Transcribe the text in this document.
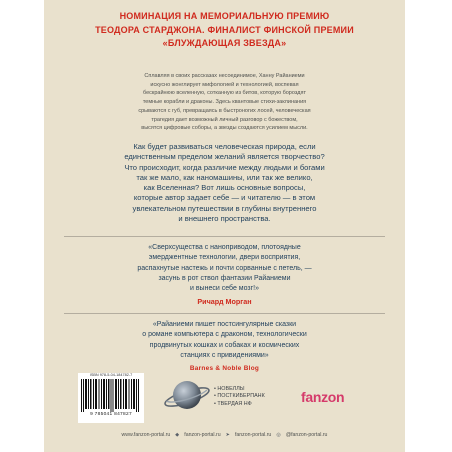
НОМИНАЦИЯ НА МЕМОРИАЛЬНУЮ ПРЕМИЮ
ТЕОДОРА СТАРДЖОНА. ФИНАЛИСТ ФИНСКОЙ ПРЕМИИ
«БЛУЖДАЮЩАЯ ЗВЕЗДА»
Сплавляя в своих рассказах несоединимое, Ханну Райаниеми
искусно жонглирует мифологией и технологией, воспевая
бескрайнюю вселенную, сотканную из битов, которую бороздят
темные корабли и драконы. Здесь квантовые стихи-заклинания
срываются с губ, превращаясь в быстроногих лосей, человеческая
трагедия дает возможный личный разговор с божеством,
высятся цифровые соборы, а звезды создаются усилием мысли.
Как будет развиваться человеческая природа, если
единственным пределом желаний является творчество?
Что происходит, когда различие между людьми и богами
так же мало, как наномашины, или так же велико,
как Вселенная? Вот лишь основные вопросы,
которые автор задает себе — и читателю — в этом
увлекательном путешествии в глубины внутреннего
и внешнего пространства.
«Сверхсущества с наноприводом, плотоядные
эмерджентные технологии, двери восприятия,
распахнутые настежь и почти сорванные с петель, —
засунь в рот ствол фантазии Райаниеми
и вынеси себе мозг!»
Ричард Морган
«Райаниеми пишет постсингулярные сказки
о романе компьютера с драконом, технологически
продвинутых кошках и собаках и космических
станциях с привидениями»
Barnes & Noble Blog
ISBN 978-5-04-184782-7
9 785041 847827
• НОВЕЛЛЫ
• ПОСТКИБЕРПАНК
• ТВЕРДАЯ НФ	fanzon
www.fanzon-portal.ru ◆ fanzon-portal.ru ➤ fanzon-portal.ru ◎ @fanzon-portal.ru
